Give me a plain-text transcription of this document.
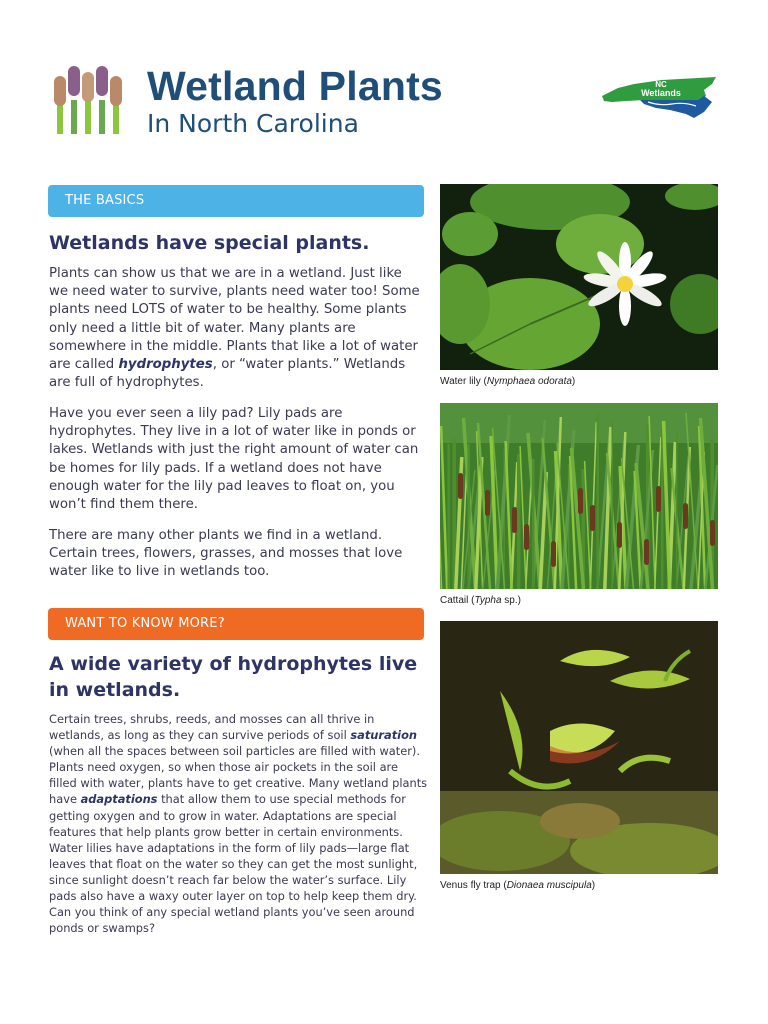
Wetland Plants
In North Carolina
NC
Wetlands
THE BASICS
Wetlands have special plants.

Plants can show us that we are in a wetland. Just like we need water to survive, plants need water too! Some plants need LOTS of water to be healthy. Some plants only need a little bit of water. Many plants are somewhere in the middle. Plants that like a lot of water are called hydrophytes, or “water plants.” Wetlands are full of hydrophytes.

Have you ever seen a lily pad? Lily pads are hydrophytes. They live in a lot of water like in ponds or lakes. Wetlands with just the right amount of water can be homes for lily pads. If a wetland does not have enough water for the lily pad leaves to float on, you won’t find them there.

There are many other plants we find in a wetland. Certain trees, flowers, grasses, and mosses that love water like to live in wetlands too.

WANT TO KNOW MORE?
A wide variety of hydrophytes live in wetlands.

Certain trees, shrubs, reeds, and mosses can all thrive in wetlands, as long as they can survive periods of soil saturation (when all the spaces between soil particles are filled with water). Plants need oxygen, so when those air pockets in the soil are filled with water, plants have to get creative. Many wetland plants have adaptations that allow them to use special methods for getting oxygen and to grow in water. Adaptations are special features that help plants grow better in certain environments. Water lilies have adaptations in the form of lily pads—large flat leaves that float on the water so they can get the most sunlight, since sunlight doesn’t reach far below the water’s surface. Lily pads also have a waxy outer layer on top to help keep them dry. Can you think of any special wetland plants you’ve seen around ponds or swamps?

Water lily (Nymphaea odorata)

Cattail (Typha sp.)

Venus fly trap (Dionaea muscipula)
